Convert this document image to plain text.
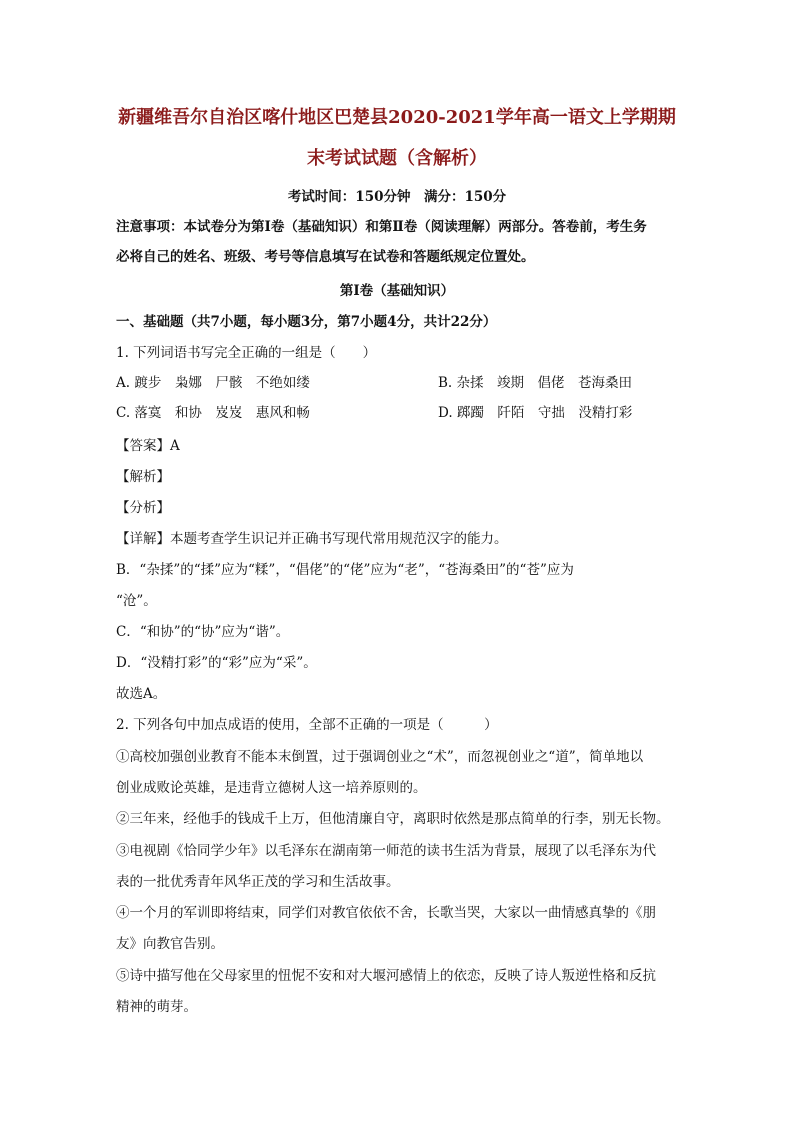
新疆维吾尔自治区喀什地区巴楚县2020-2021学年高一语文上学期期
末考试试题（含解析）
考试时间：150分钟　满分：150分
注意事项：本试卷分为第Ⅰ卷（基础知识）和第Ⅱ卷（阅读理解）两部分。答卷前，考生务
必将自己的姓名、班级、考号等信息填写在试卷和答题纸规定位置处。
第Ⅰ卷（基础知识）
一、基础题（共7小题，每小题3分，第7小题4分，共计22分）
1. 下列词语书写完全正确的一组是（　　）
A. 踱步　枭娜　尸骸　不绝如缕	B. 杂揉　竣期　倡佬　苍海桑田
C. 落寞　和协　岌岌　惠风和畅	D. 踯躅　阡陌　守拙　没精打彩
【答案】A
【解析】
【分析】
【详解】本题考查学生识记并正确书写现代常用规范汉字的能力。
B．“杂揉”的“揉”应为“糅”，“倡佬”的“佬”应为“老”，“苍海桑田”的“苍”应为
“沧”。
C．“和协”的“协”应为“谐”。
D．“没精打彩”的“彩”应为“采”。
故选A。
2. 下列各句中加点成语的使用，全部不正确的一项是（　　　）
①高校加强创业教育不能本末倒置，过于强调创业之“术”，而忽视创业之“道”，简单地以
创业成败论英雄，是违背立德树人这一培养原则的。
②三年来，经他手的钱成千上万，但他清廉自守，离职时依然是那点简单的行李，别无长物。
③电视剧《恰同学少年》以毛泽东在湖南第一师范的读书生活为背景，展现了以毛泽东为代
表的一批优秀青年风华正茂的学习和生活故事。
④一个月的军训即将结束，同学们对教官依依不舍，长歌当哭，大家以一曲情感真挚的《朋
友》向教官告别。
⑤诗中描写他在父母家里的忸怩不安和对大堰河感情上的依恋，反映了诗人叛逆性格和反抗
精神的萌芽。
